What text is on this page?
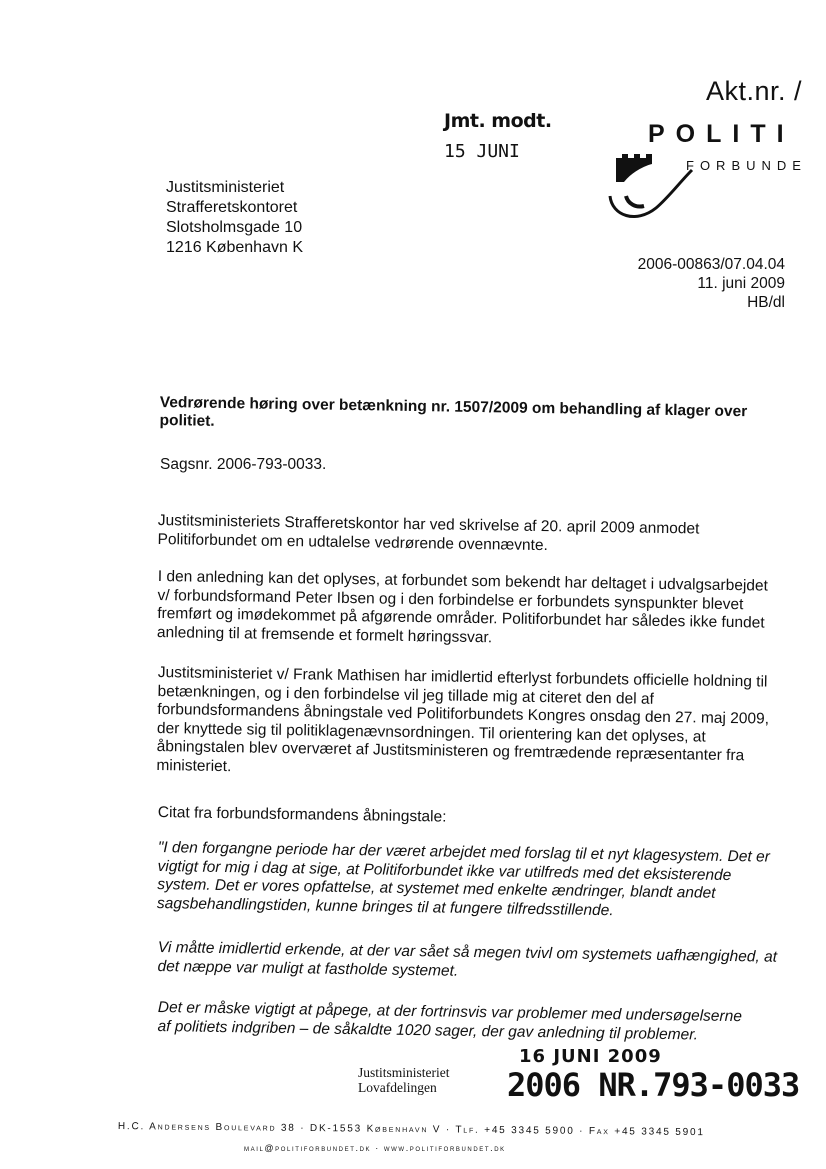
Akt.nr. /
Jmt. modt.
15 JUNI
POLITI
FORBUNDE
Justitsministeriet
Strafferetskontoret
Slotsholmsgade 10
1216 København K
2006-00863/07.04.04
11. juni 2009
HB/dl
Vedrørende høring over betænkning nr. 1507/2009 om behandling af klager over politiet.
Sagsnr. 2006-793-0033.
Justitsministeriets Strafferetskontor har ved skrivelse af 20. april 2009 anmodet Politiforbundet om en udtalelse vedrørende ovennævnte.
I den anledning kan det oplyses, at forbundet som bekendt har deltaget i udvalgsarbejdet v/ forbundsformand Peter Ibsen og i den forbindelse er forbundets synspunkter blevet fremført og imødekommet på afgørende områder. Politiforbundet har således ikke fundet anledning til at fremsende et formelt høringssvar.
Justitsministeriet v/ Frank Mathisen har imidlertid efterlyst forbundets officielle holdning til betænkningen, og i den forbindelse vil jeg tillade mig at citeret den del af forbundsformandens åbningstale ved Politiforbundets Kongres onsdag den 27. maj 2009, der knyttede sig til politiklagenævnsordningen. Til orientering kan det oplyses, at åbningstalen blev overværet af Justitsministeren og fremtrædende repræsentanter fra ministeriet.
Citat fra forbundsformandens åbningstale:
"I den forgangne periode har der været arbejdet med forslag til et nyt klagesystem. Det er vigtigt for mig i dag at sige, at Politiforbundet ikke var utilfreds med det eksisterende system. Det er vores opfattelse, at systemet med enkelte ændringer, blandt andet sagsbehandlingstiden, kunne bringes til at fungere tilfredsstillende.
Vi måtte imidlertid erkende, at der var sået så megen tvivl om systemets uafhængighed, at det næppe var muligt at fastholde systemet.
Det er måske vigtigt at påpege, at der fortrinsvis var problemer med undersøgelserne af politiets indgriben – de såkaldte 1020 sager, der gav anledning til problemer.
Justitsministeriet
Lovafdelingen
16 JUNI 2009
2006 NR.793-0033
H.C. Andersens Boulevard 38 · DK-1553 København V · Tlf. +45 3345 5900 · Fax +45 3345 5901
mail@politiforbundet.dk · www.politiforbundet.dk
